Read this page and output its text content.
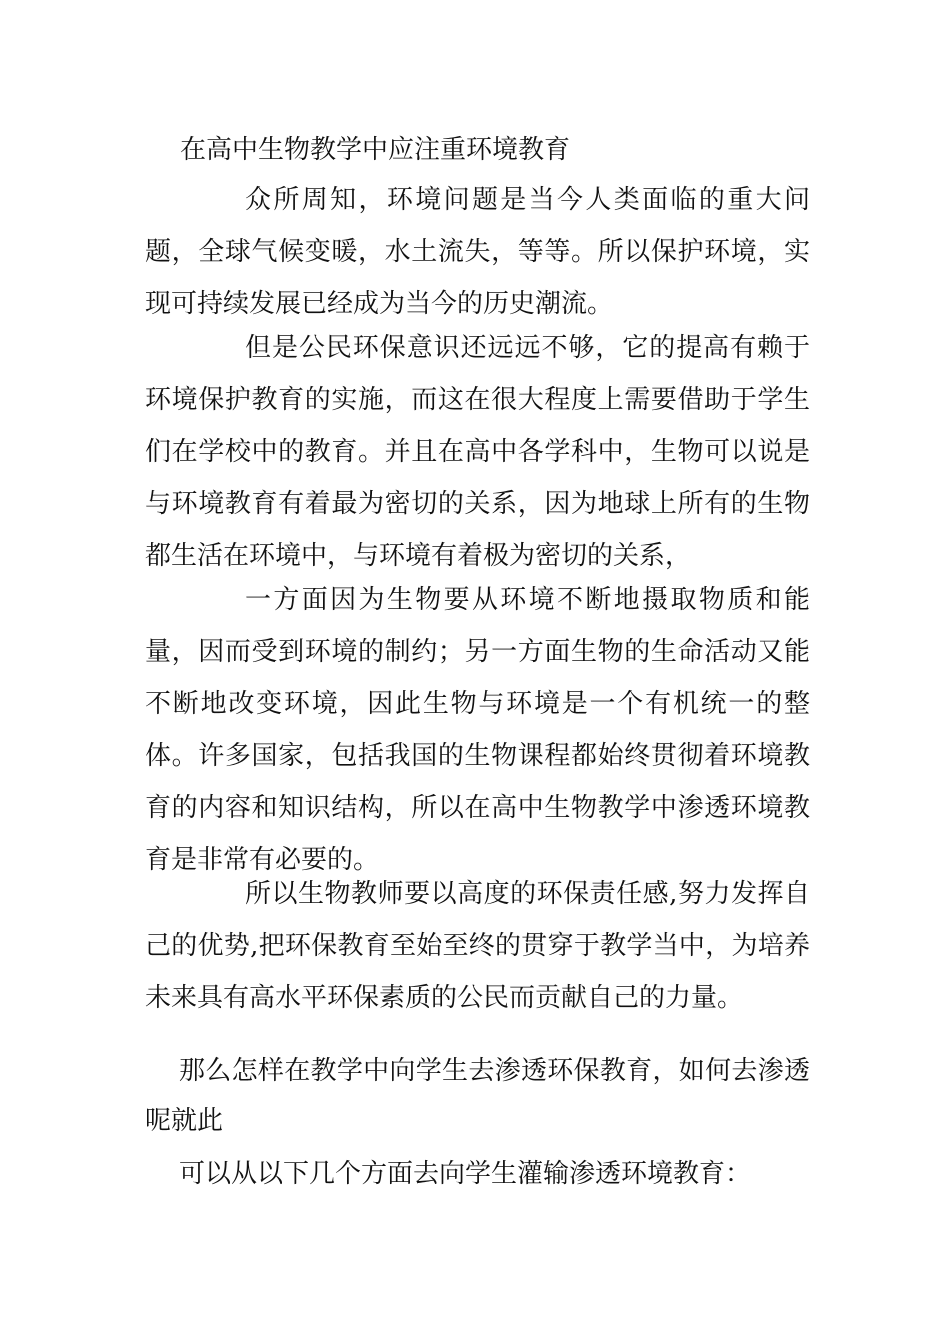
在高中生物教学中应注重环境教育

众所周知，环境问题是当今人类面临的重大问题，全球气候变暖，水土流失，等等。所以保护环境，实现可持续发展已经成为当今的历史潮流。

但是公民环保意识还远远不够，它的提高有赖于环境保护教育的实施，而这在很大程度上需要借助于学生们在学校中的教育。并且在高中各学科中，生物可以说是与环境教育有着最为密切的关系，因为地球上所有的生物都生活在环境中，与环境有着极为密切的关系，

一方面因为生物要从环境不断地摄取物质和能量，因而受到环境的制约；另一方面生物的生命活动又能不断地改变环境，因此生物与环境是一个有机统一的整体。许多国家，包括我国的生物课程都始终贯彻着环境教育的内容和知识结构，所以在高中生物教学中渗透环境教育是非常有必要的。

所以生物教师要以高度的环保责任感,努力发挥自己的优势,把环保教育至始至终的贯穿于教学当中，为培养未来具有高水平环保素质的公民而贡献自己的力量。

那么怎样在教学中向学生去渗透环保教育，如何去渗透呢就此

可以从以下几个方面去向学生灌输渗透环境教育：
